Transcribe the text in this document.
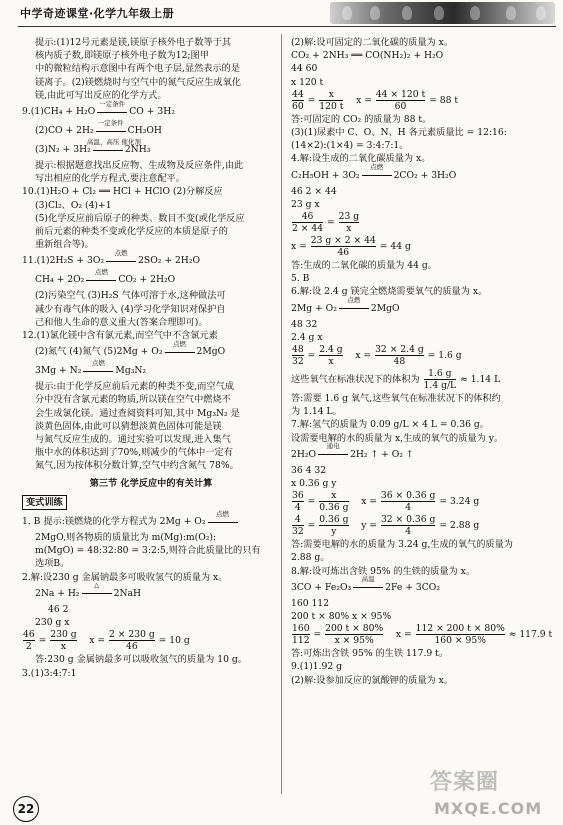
中学奇迹课堂·化学九年级上册
提示:(1)12号元素是镁,镁原子核外电子数等于其
核内质子数,即镁原子核外电子数为12;图甲
中的微粒结构示意图中有两个电子层,显然表示的是
镁离子。(2)镁燃烧时与空气中的氮气反应生成氧化
镁,由此可写出反应的化学方式。
9.(1)CH₄ + H₂O
一定条件
CO + 3H₂
(2)CO + 2H₂
一定条件
CH₃OH
(3)N₂ + 3H₂
高温、高压 催化剂
2NH₃
提示:根据题意找出反应物、生成物及反应条件,由此
写出相应的化学方程式,要注意配平。
10.(1)H₂O + Cl₂ ══ HCl + HClO (2)分解反应
(3)Cl₂、O₂ (4)+1
(5)化学反应前后原子的种类、数目不变(或化学反应
前后元素的种类不变或化学反应的本质是原子的
重新组合等)。
11.(1)2H₂S + 3O₂
点燃
2SO₂ + 2H₂O
CH₄ + 2O₂
点燃
CO₂ + 2H₂O
(2)污染空气 (3)H₂S 气体可溶于水,这种做法可
减少有毒气体的吸入 (4)学习化学知识对保护自
己和他人生命的意义重大(答案合理即可)。
12.(1)氯化镁中含有氯元素,而空气中不含氯元素
(2)氮气 (4)氮气 (5)2Mg + O₂
点燃
2MgO
3Mg + N₂
点燃
Mg₃N₂
提示:由于化学反应前后元素的种类不变,而空气成
分中没有含氯元素的物质,所以镁在空气中燃烧不
会生成氯化镁。通过查阅资料可知,其中 Mg₃N₂ 是
淡黄色固体,由此可以猜想淡黄色固体可能是镁
与氮气反应生成的。通过实验可以发现,进入集气
瓶中水的体积达到了70%,则减少的气体中一定有
氮气,因为按体积分数计算,空气中约含氮气 78%。
第三节 化学反应中的有关计算
变式训练
1. B 提示:镁燃烧的化学方程式为 2Mg + O₂
点燃
2MgO,则各物质的质量比为 m(Mg):m(O₂):
m(MgO) = 48:32:80 = 3:2:5,则符合此质量比的只有
选项B。
2.解:设230 g 金属钠最多可吸收氢气的质量为 x。
2Na + H₂
△
2NaH
46 2
230 g x
$\frac{46}{2} = \frac{230 g}{x}$ $x = \frac{2 \times 230 g}{46} = 10$ g
答:230 g 金属钠最多可以吸收氢气的质量为 10 g。
3.(1)3:4:7:1
(2)解:设可固定的二氧化碳的质量为 x。
CO₂ + 2NH₃ ══ CO(NH₂)₂ + H₂O
44 60
x 120 t
$\frac{44}{60} = \frac{x}{120 t}$ $x = \frac{44 \times 120 t}{60} = 88$ t
答:可固定的 CO₂ 的质量为 88 t。
(3)(1)尿素中 C、O、N、H 各元素质量比 = 12:16:
(14×2):(1×4) = 3:4:7:1。
4.解:设生成的二氧化碳质量为 x。
C₂H₅OH + 3O₂
点燃
2CO₂ + 3H₂O
46 2 × 44
23 g x
$\frac{46}{2 \times 44} = \frac{23 g}{x}$
$x = \frac{23 g \times 2 \times 44}{46} = 44$ g
答:生成的二氧化碳的质量为 44 g。
5. B
6.解:设 2.4 g 镁完全燃烧需要氧气的质量为 x。
2Mg + O₂
点燃
2MgO
48 32
2.4 g x
$\frac{48}{32} = \frac{2.4 g}{x}$ $x = \frac{32 \times 2.4 g}{48} = 1.6$ g
这些氧气在标准状况下的体积为 $\frac{1.6 g}{1.4 g/L} \approx 1.14$ L
答:需要 1.6 g 氧气,这些氧气在标准状况下的体积约
为 1.14 L。
7.解:氢气的质量为 0.09 g/L × 4 L = 0.36 g。
设需要电解的水的质量为 x,生成的氧气的质量为 y。
2H₂O
通电
2H₂ ↑ + O₂ ↑
36 4 32
x 0.36 g y
$\frac{36}{4} = \frac{x}{0.36 g}$ $x = \frac{36 \times 0.36 g}{4} = 3.24$ g
$\frac{4}{32} = \frac{0.36 g}{y}$ $y = \frac{32 \times 0.36 g}{4} = 2.88$ g
答:需要电解的水的质量为 3.24 g,生成的氧气的质量为
2.88 g。
8.解:设可炼出含铁 95% 的生铁的质量为 x。
3CO + Fe₂O₃
高温
2Fe + 3CO₂
160 112
200 t × 80% x × 95%
$\frac{160}{112} = \frac{200 t \times 80\%}{x \times 95\%}$ $x = \frac{112 \times 200 t \times 80\%}{160 \times 95\%} \approx 117.9$ t
答:可炼出含铁 95% 的生铁 117.9 t。
9.(1)1.92 g
(2)解:设参加反应的氯酸钾的质量为 x。
22
答案圈
MXQE.COM
